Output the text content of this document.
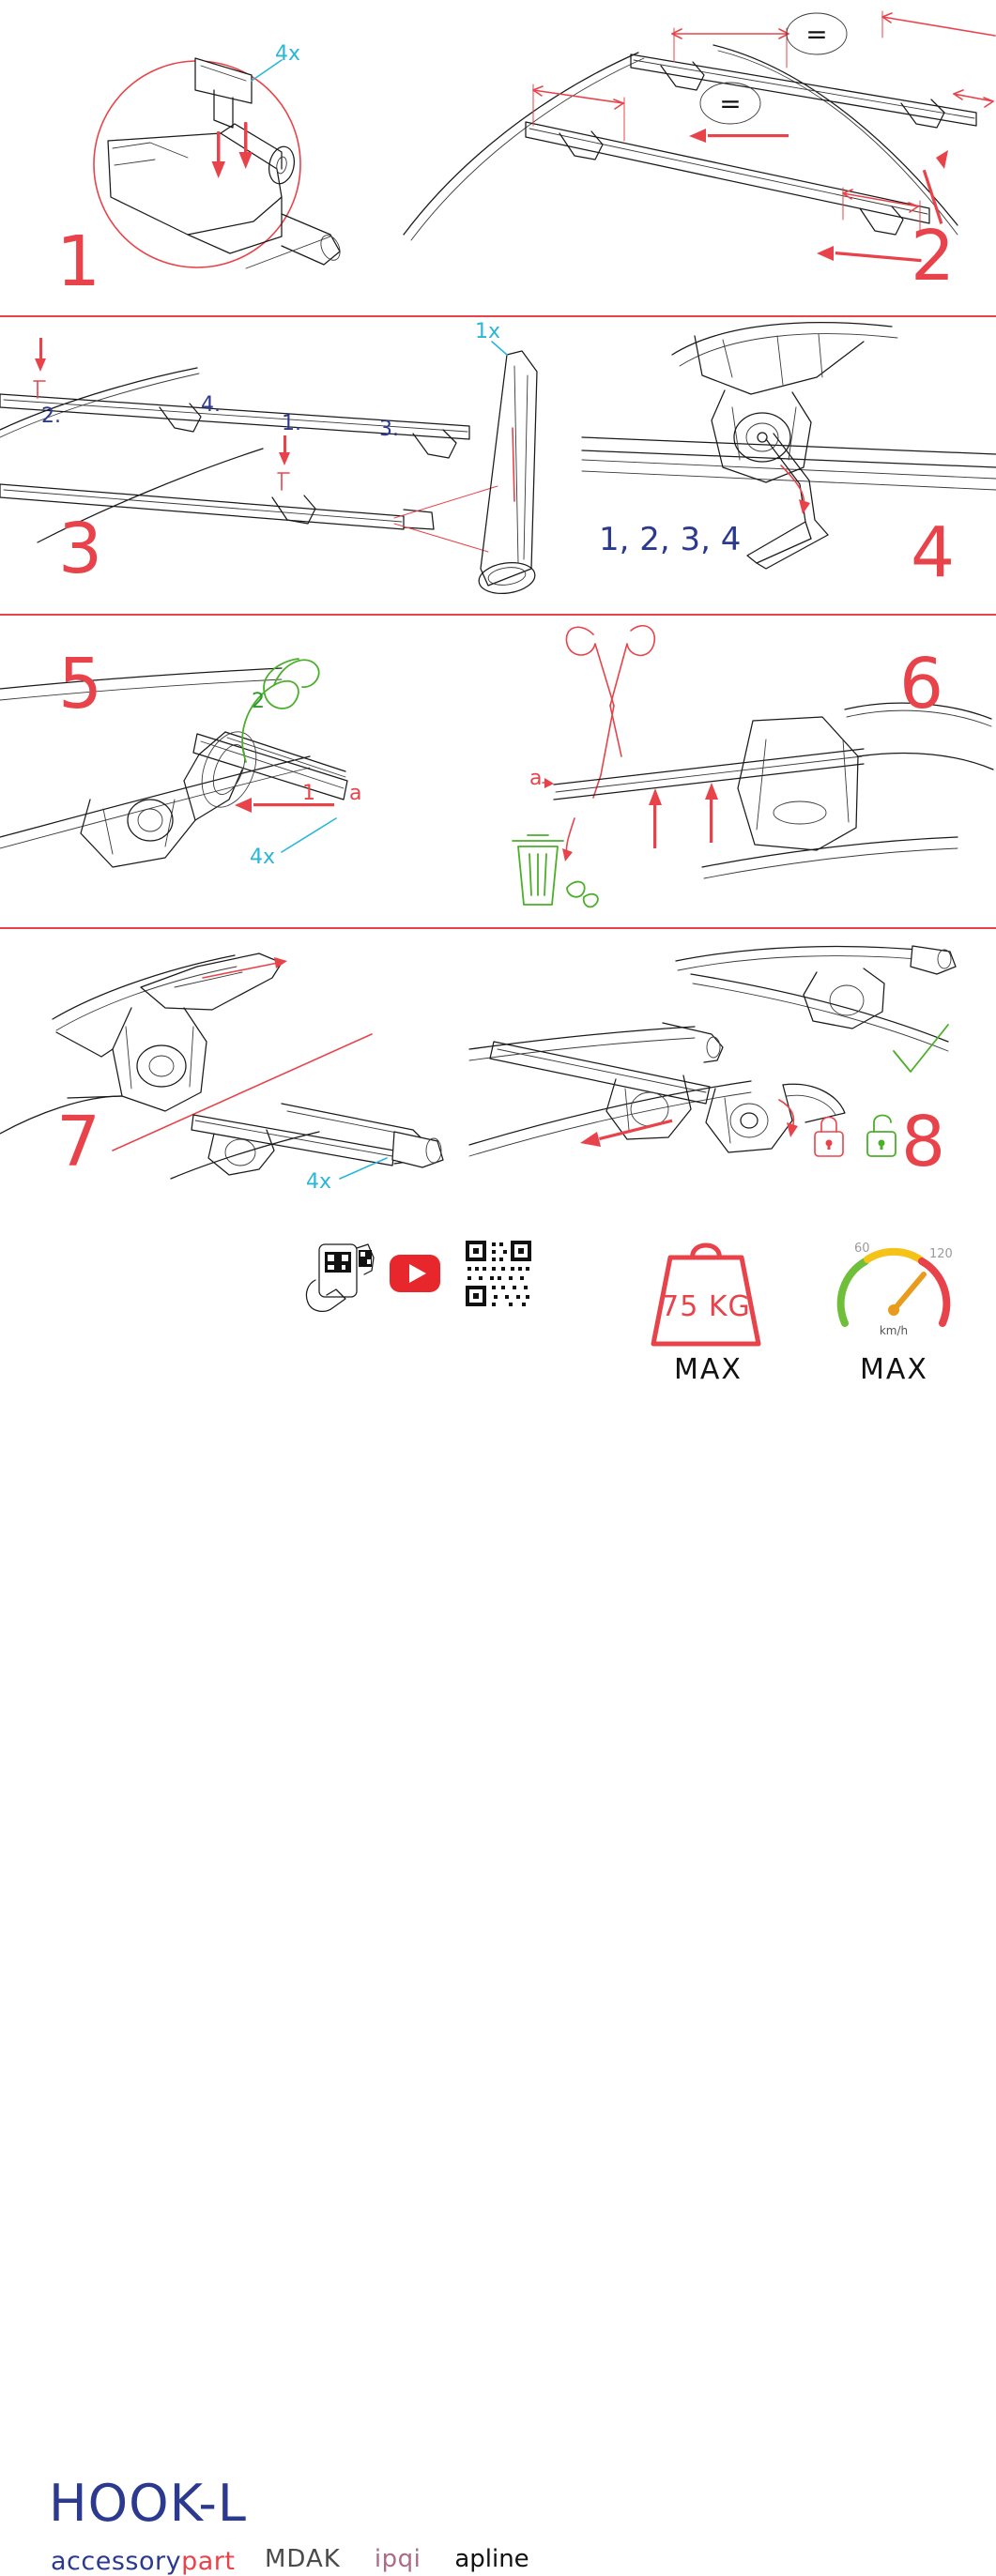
4x
1
=
=
2
2.	4.
1.	3.
1x
3	1, 2, 3, 4 4
2
1 a
4x
5
a
6
4x
7	8
HOOK-L
accessorypart MDAK ipqi apline
75 KG
MAX
60	120
km/h
MAX
